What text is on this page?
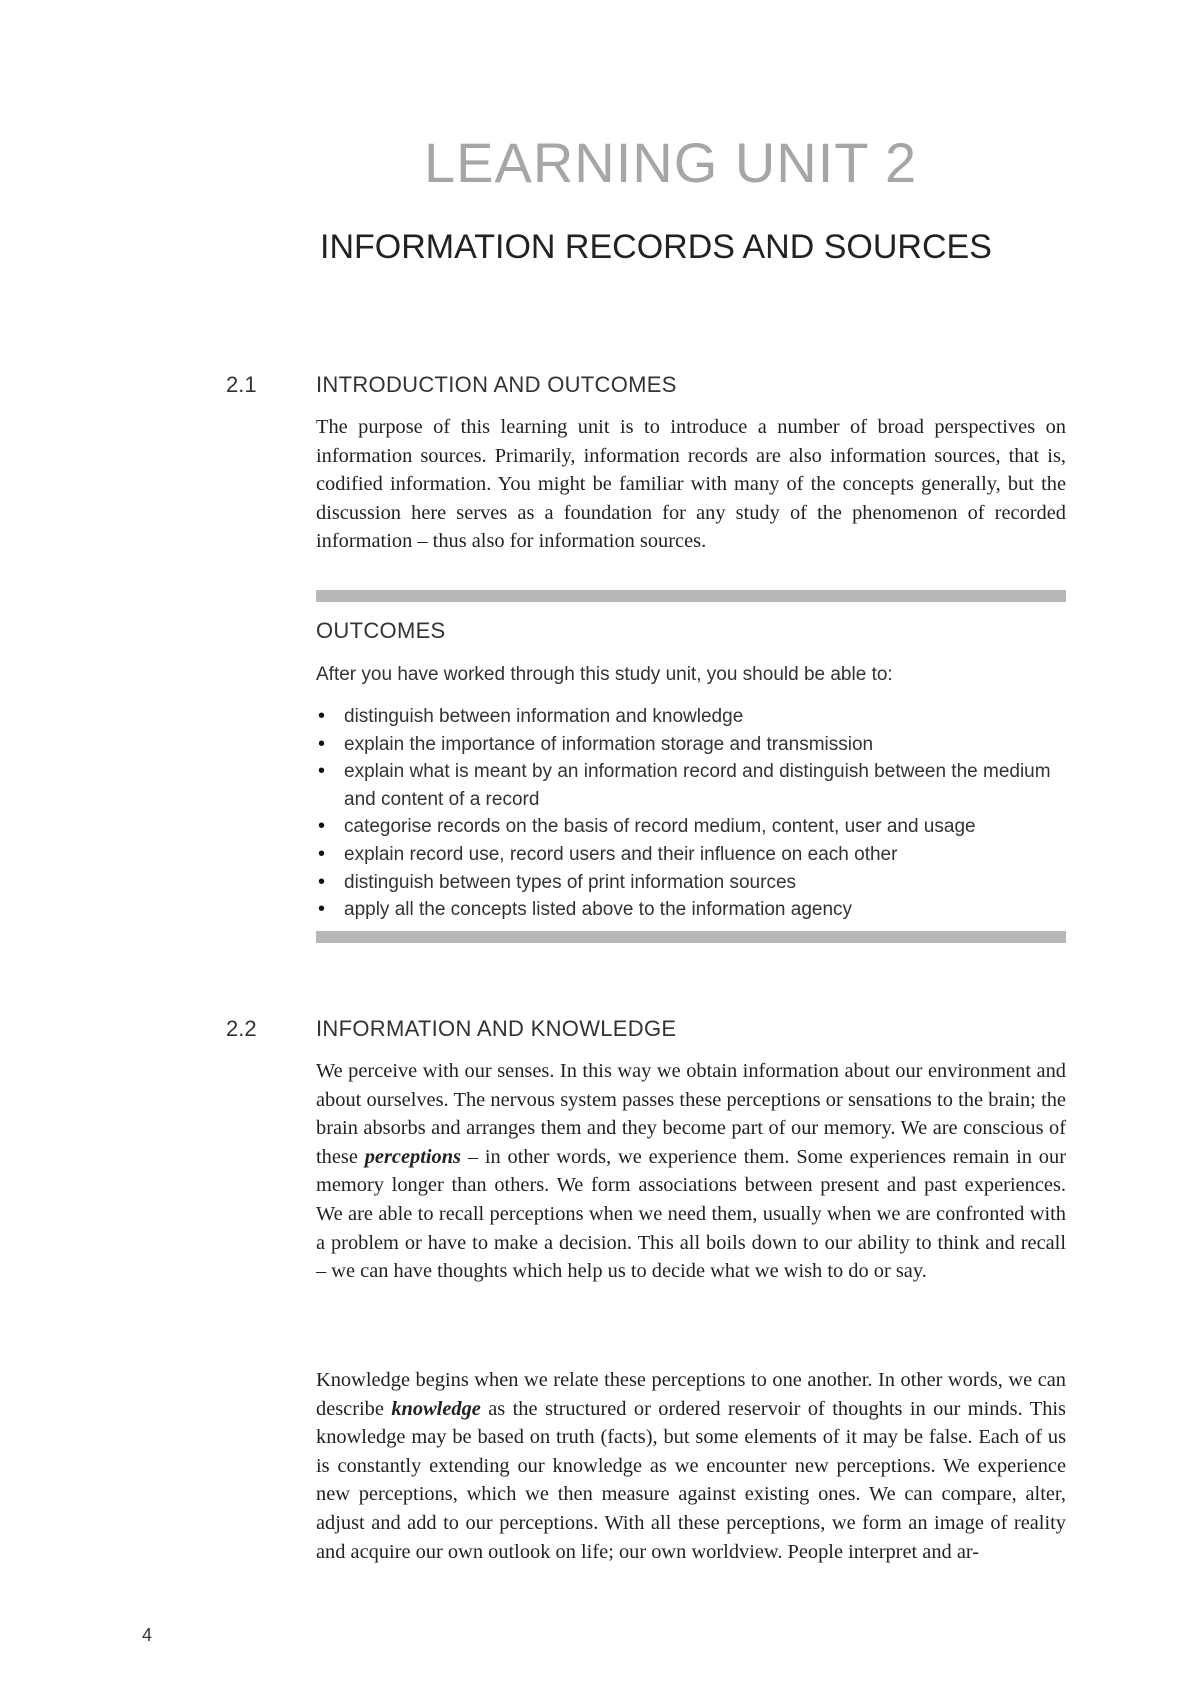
LEARNING UNIT 2
INFORMATION RECORDS AND SOURCES
2.1	INTRODUCTION AND OUTCOMES

The purpose of this learning unit is to introduce a number of broad perspectives on information sources. Primarily, information records are also information sources, that is, codified information. You might be familiar with many of the concepts generally, but the discussion here serves as a foundation for any study of the phenomenon of recorded information – thus also for information sources.

OUTCOMES
After you have worked through this study unit, you should be able to:
• distinguish between information and knowledge
• explain the importance of information storage and transmission
• explain what is meant by an information record and distinguish between the medium and content of a record
• categorise records on the basis of record medium, content, user and usage
• explain record use, record users and their influence on each other
• distinguish between types of print information sources
• apply all the concepts listed above to the information agency
2.2	INFORMATION AND KNOWLEDGE

We perceive with our senses. In this way we obtain information about our environment and about ourselves. The nervous system passes these perceptions or sensations to the brain; the brain absorbs and arranges them and they become part of our memory. We are conscious of these perceptions – in other words, we experience them. Some experiences remain in our memory longer than others. We form associations between present and past experiences. We are able to recall perceptions when we need them, usually when we are confronted with a problem or have to make a decision. This all boils down to our ability to think and recall – we can have thoughts which help us to decide what we wish to do or say.

Knowledge begins when we relate these perceptions to one another. In other words, we can describe knowledge as the structured or ordered reservoir of thoughts in our minds. This knowledge may be based on truth (facts), but some elements of it may be false. Each of us is constantly extending our knowledge as we encounter new perceptions. We experience new perceptions, which we then measure against existing ones. We can compare, alter, adjust and add to our perceptions. With all these perceptions, we form an image of reality and acquire our own outlook on life; our own worldview. People interpret and ar-

4
